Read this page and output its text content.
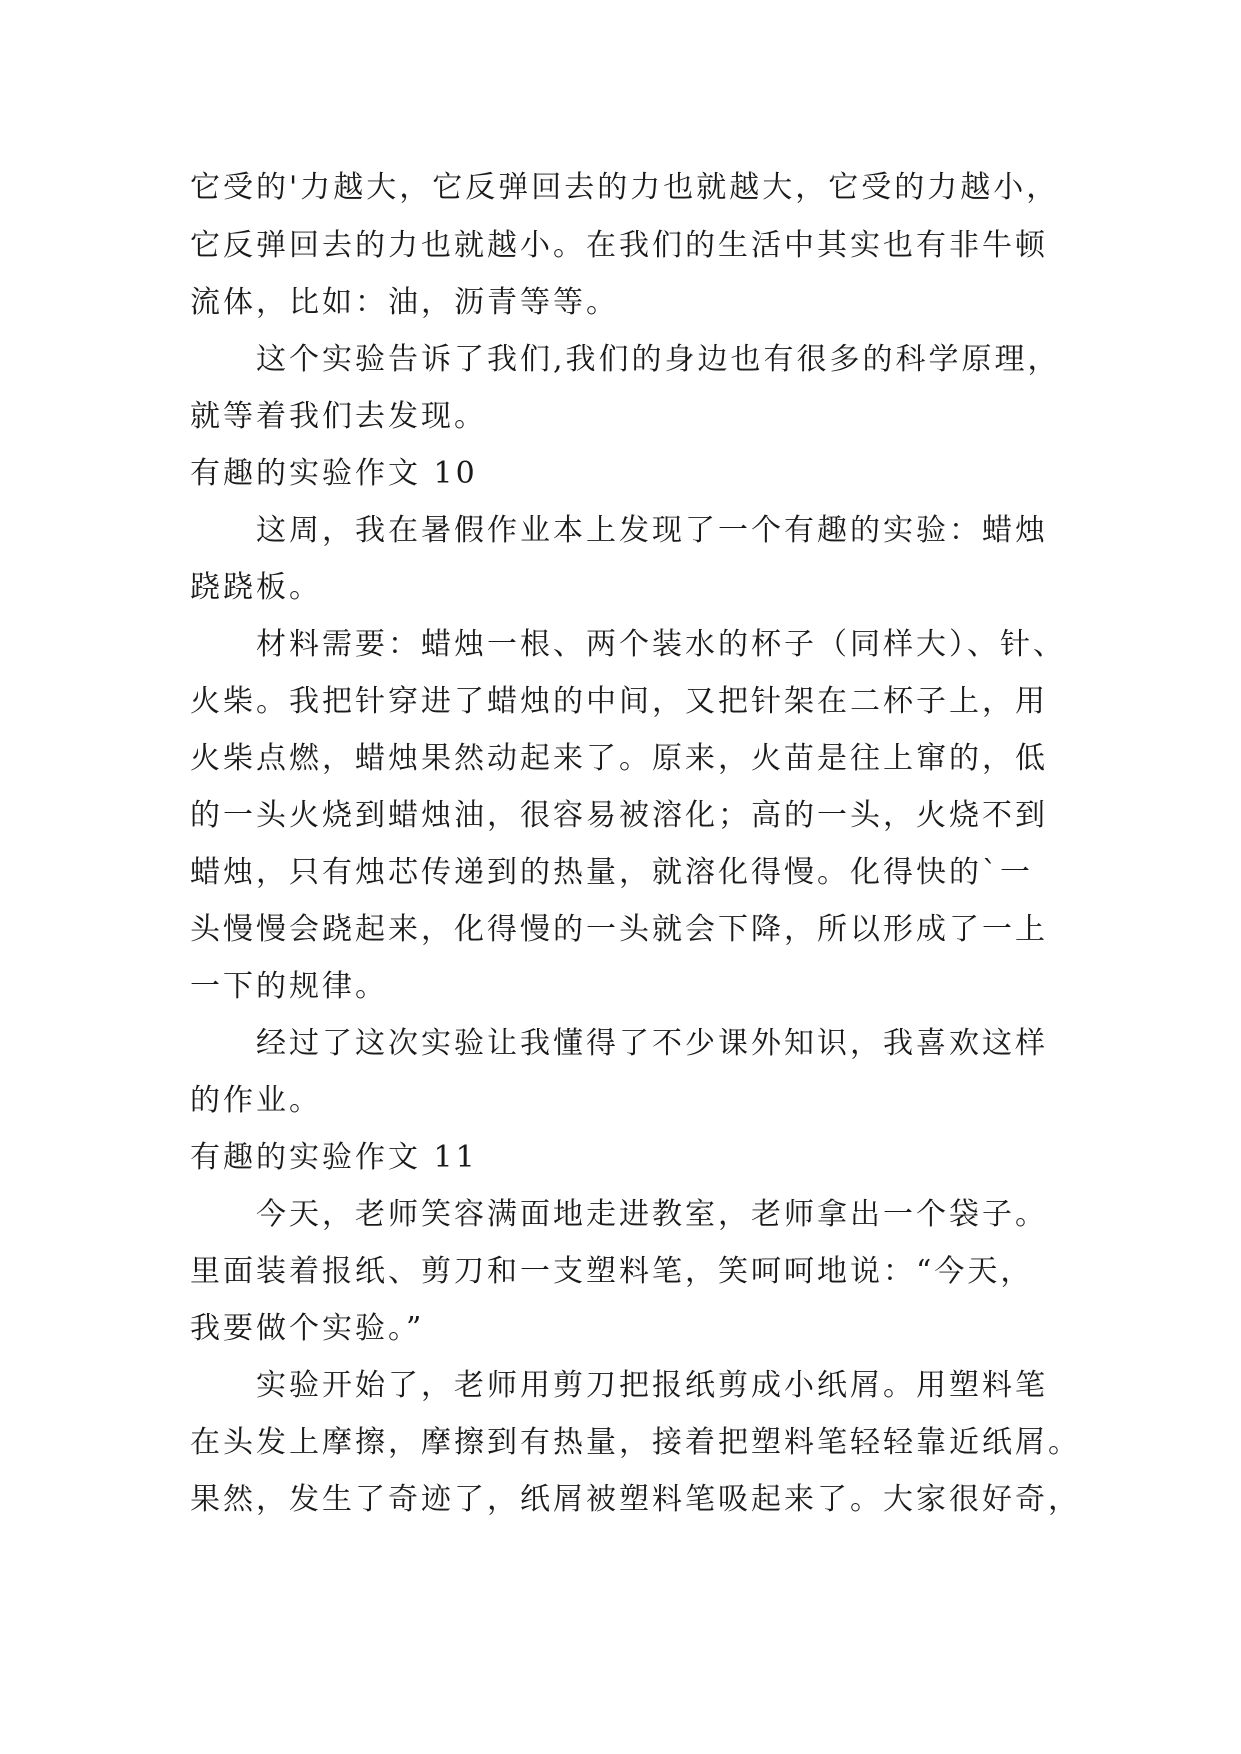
它受的'力越大，它反弹回去的力也就越大，它受的力越小，
它反弹回去的力也就越小。在我们的生活中其实也有非牛顿
流体，比如：油，沥青等等。
这个实验告诉了我们,我们的身边也有很多的科学原理，
就等着我们去发现。
有趣的实验作文 10
这周，我在暑假作业本上发现了一个有趣的实验：蜡烛
跷跷板。
材料需要：蜡烛一根、两个装水的杯子（同样大）、针、
火柴。我把针穿进了蜡烛的中间，又把针架在二杯子上，用
火柴点燃，蜡烛果然动起来了。原来，火苗是往上窜的，低
的一头火烧到蜡烛油，很容易被溶化；高的一头，火烧不到
蜡烛，只有烛芯传递到的热量，就溶化得慢。化得快的`一
头慢慢会跷起来，化得慢的一头就会下降，所以形成了一上
一下的规律。
经过了这次实验让我懂得了不少课外知识，我喜欢这样
的作业。
有趣的实验作文 11
今天，老师笑容满面地走进教室，老师拿出一个袋子。
里面装着报纸、剪刀和一支塑料笔，笑呵呵地说：“今天，
我要做个实验。”
实验开始了，老师用剪刀把报纸剪成小纸屑。用塑料笔
在头发上摩擦，摩擦到有热量，接着把塑料笔轻轻靠近纸屑。
果然，发生了奇迹了，纸屑被塑料笔吸起来了。大家很好奇，
